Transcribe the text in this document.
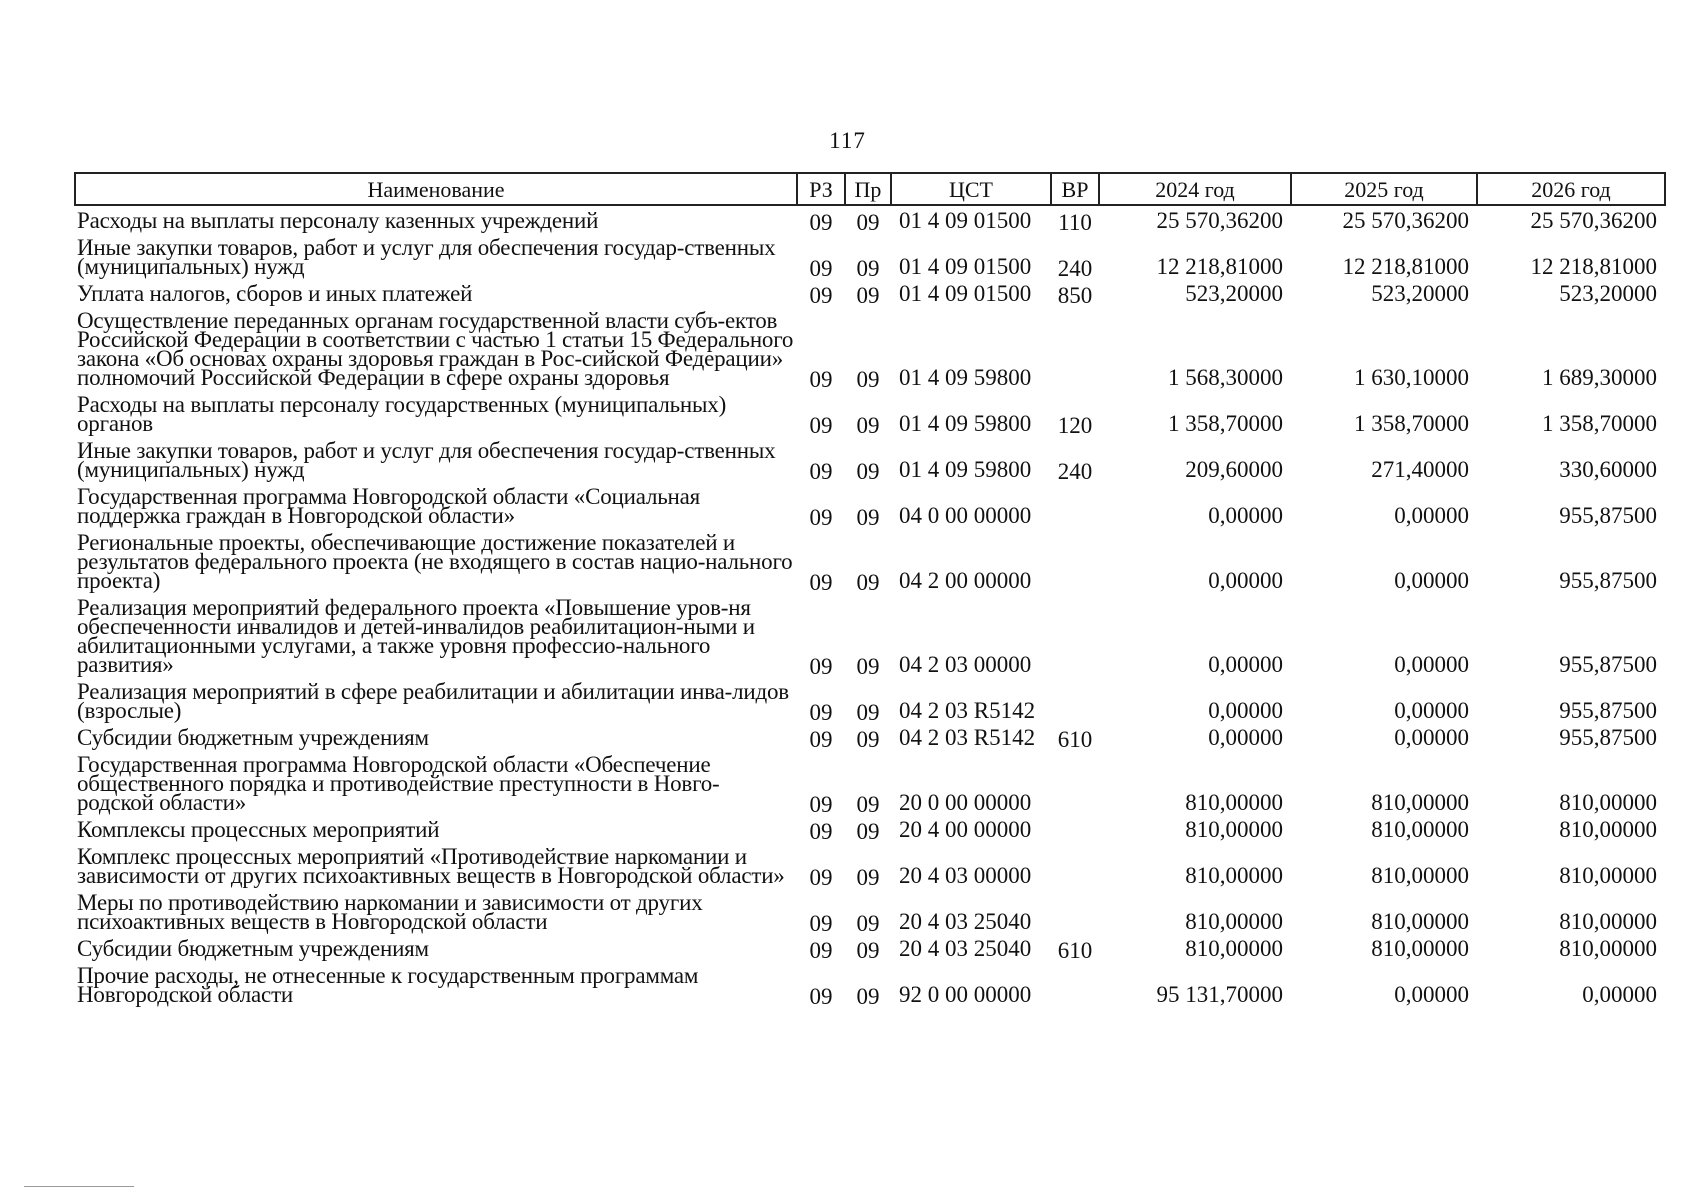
117
Наименование	РЗ	Пр	ЦСТ	ВР	2024 год	2025 год	2026 год
Расходы на выплаты персоналу казенных учреждений	09	09	01 4 09 01500	110	25 570,36200	25 570,36200	25 570,36200
Иные закупки товаров, работ и услуг для обеспечения государ-ственных (муниципальных) нужд	09	09	01 4 09 01500	240	12 218,81000	12 218,81000	12 218,81000
Уплата налогов, сборов и иных платежей	09	09	01 4 09 01500	850	523,20000	523,20000	523,20000
Осуществление переданных органам государственной власти субъ-ектов Российской Федерации в соответствии с частью 1 статьи 15 Федерального закона «Об основах охраны здоровья граждан в Рос-сийской Федерации» полномочий Российской Федерации в сфере охраны здоровья	09	09	01 4 09 59800		1 568,30000	1 630,10000	1 689,30000
Расходы на выплаты персоналу государственных (муниципальных) органов	09	09	01 4 09 59800	120	1 358,70000	1 358,70000	1 358,70000
Иные закупки товаров, работ и услуг для обеспечения государ-ственных (муниципальных) нужд	09	09	01 4 09 59800	240	209,60000	271,40000	330,60000
Государственная программа Новгородской области «Социальная поддержка граждан в Новгородской области»	09	09	04 0 00 00000		0,00000	0,00000	955,87500
Региональные проекты, обеспечивающие достижение показателей и результатов федерального проекта (не входящего в состав нацио-нального проекта)	09	09	04 2 00 00000		0,00000	0,00000	955,87500
Реализация мероприятий федерального проекта «Повышение уров-ня обеспеченности инвалидов и детей-инвалидов реабилитацион-ными и абилитационными услугами, а также уровня профессио-нального развития»	09	09	04 2 03 00000		0,00000	0,00000	955,87500
Реализация мероприятий в сфере реабилитации и абилитации инва-лидов (взрослые)	09	09	04 2 03 R5142		0,00000	0,00000	955,87500
Субсидии бюджетным учреждениям	09	09	04 2 03 R5142	610	0,00000	0,00000	955,87500
Государственная программа Новгородской области «Обеспечение общественного порядка и противодействие преступности в Новго-родской области»	09	09	20 0 00 00000		810,00000	810,00000	810,00000
Комплексы процессных мероприятий	09	09	20 4 00 00000		810,00000	810,00000	810,00000
Комплекс процессных мероприятий «Противодействие наркомании и зависимости от других психоактивных веществ в Новгородской области»	09	09	20 4 03 00000		810,00000	810,00000	810,00000
Меры по противодействию наркомании и зависимости от других психоактивных веществ в Новгородской области	09	09	20 4 03 25040		810,00000	810,00000	810,00000
Субсидии бюджетным учреждениям	09	09	20 4 03 25040	610	810,00000	810,00000	810,00000
Прочие расходы, не отнесенные к государственным программам Новгородской области	09	09	92 0 00 00000		95 131,70000	0,00000	0,00000
